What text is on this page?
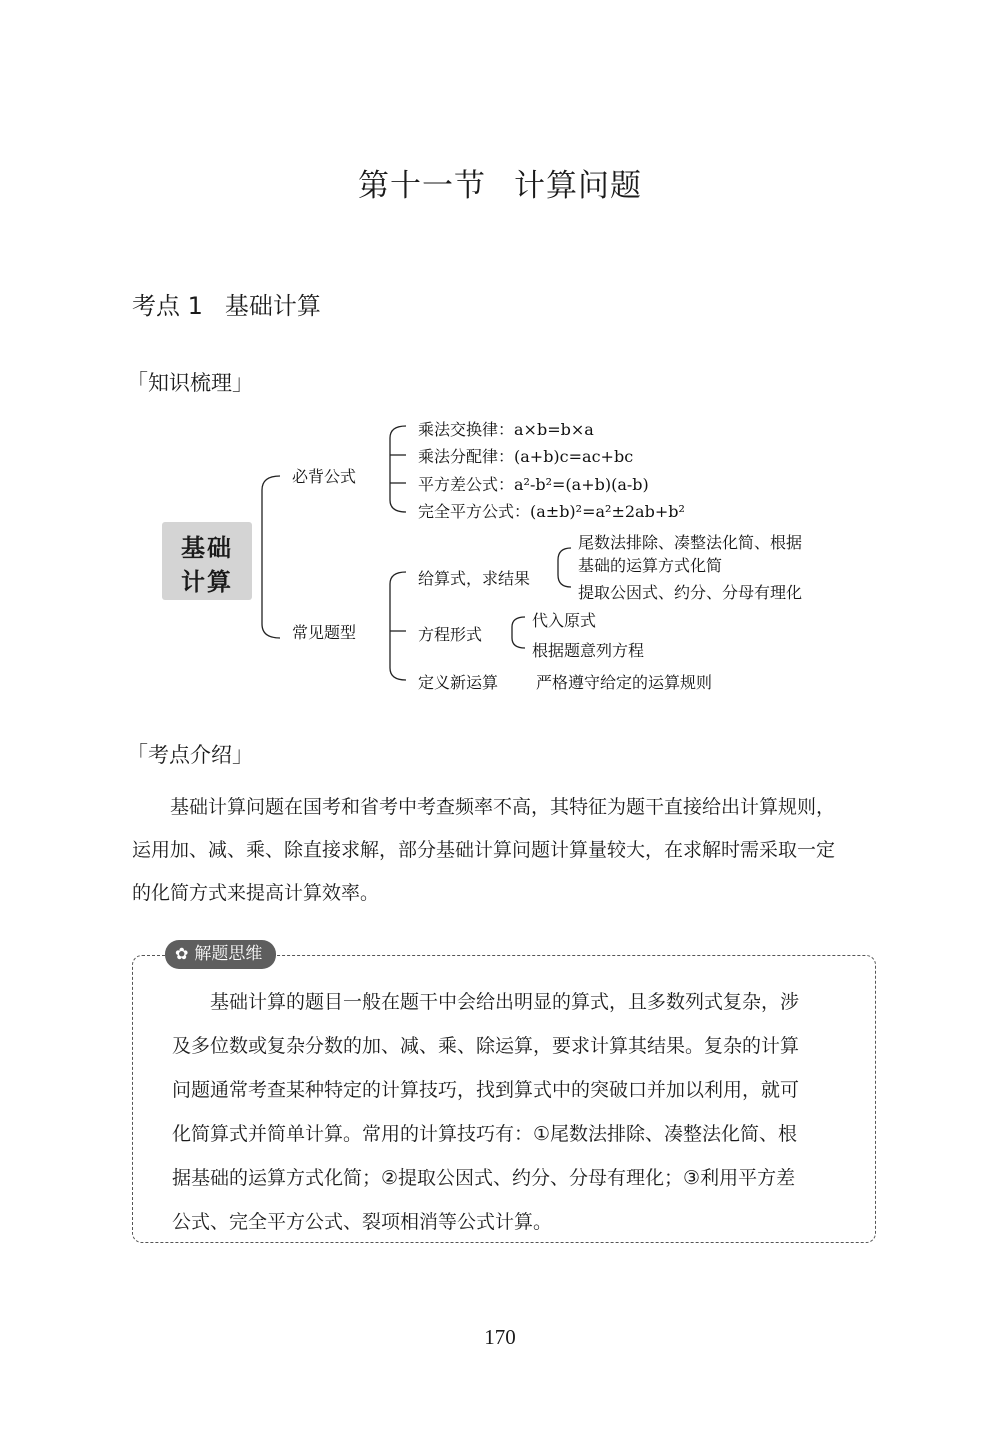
第十一节 计算问题
考点 1 基础计算
「知识梳理」
基础
计算
必背公式
乘法交换律：a×b=b×a
乘法分配律：(a+b)c=ac+bc
平方差公式：a²-b²=(a+b)(a-b)
完全平方公式：(a±b)²=a²±2ab+b²
常见题型
给算式，求结果
尾数法排除、凑整法化简、根据
基础的运算方式化简
提取公因式、约分、分母有理化
方程形式
代入原式
根据题意列方程
定义新运算 严格遵守给定的运算规则
「考点介绍」
基础计算问题在国考和省考中考查频率不高，其特征为题干直接给出计算规则，
运用加、减、乘、除直接求解，部分基础计算问题计算量较大，在求解时需采取一定
的化简方式来提高计算效率。
✿ 解题思维
基础计算的题目一般在题干中会给出明显的算式，且多数列式复杂，涉
及多位数或复杂分数的加、减、乘、除运算，要求计算其结果。复杂的计算
问题通常考查某种特定的计算技巧，找到算式中的突破口并加以利用，就可
化简算式并简单计算。常用的计算技巧有：①尾数法排除、凑整法化简、根
据基础的运算方式化简；②提取公因式、约分、分母有理化；③利用平方差
公式、完全平方公式、裂项相消等公式计算。
170
